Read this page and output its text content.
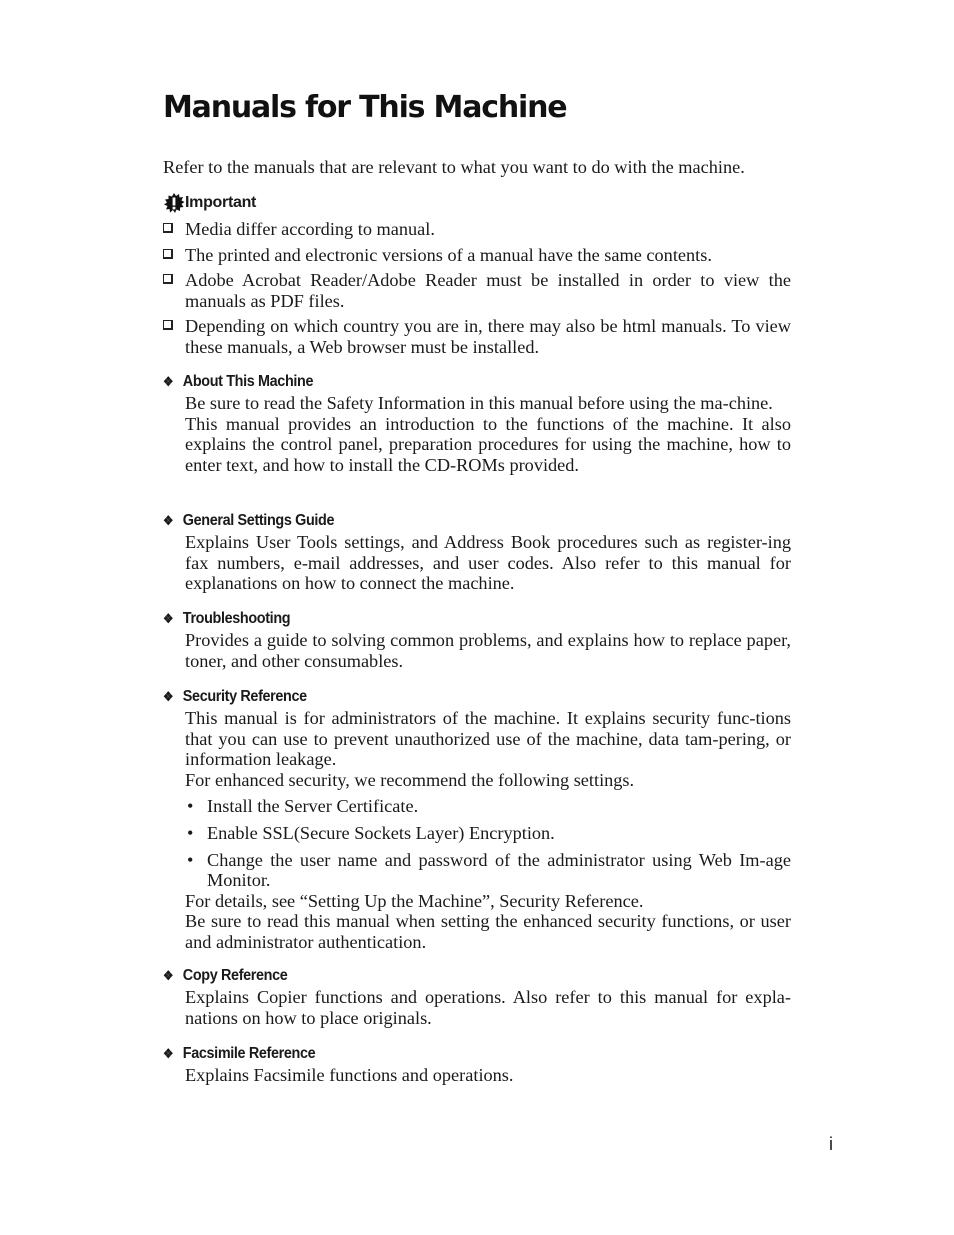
Manuals for This Machine
Refer to the manuals that are relevant to what you want to do with the machine.
Important
Media differ according to manual.
The printed and electronic versions of a manual have the same contents.
Adobe Acrobat Reader/Adobe Reader must be installed in order to view the manuals as PDF files.
Depending on which country you are in, there may also be html manuals. To view these manuals, a Web browser must be installed.
❖ About This Machine

Be sure to read the Safety Information in this manual before using the ma-chine.

This manual provides an introduction to the functions of the machine. It also explains the control panel, preparation procedures for using the machine, how to enter text, and how to install the CD-ROMs provided.

❖ General Settings Guide

Explains User Tools settings, and Address Book procedures such as register-ing fax numbers, e-mail addresses, and user codes. Also refer to this manual for explanations on how to connect the machine.

❖ Troubleshooting

Provides a guide to solving common problems, and explains how to replace paper, toner, and other consumables.

❖ Security Reference

This manual is for administrators of the machine. It explains security func-tions that you can use to prevent unauthorized use of the machine, data tam-pering, or information leakage.

For enhanced security, we recommend the following settings.

• Install the Server Certificate.
• Enable SSL(Secure Sockets Layer) Encryption.
• Change the user name and password of the administrator using Web Im-age Monitor.

For details, see “Setting Up the Machine”, Security Reference.

Be sure to read this manual when setting the enhanced security functions, or user and administrator authentication.

❖ Copy Reference

Explains Copier functions and operations. Also refer to this manual for expla-nations on how to place originals.

❖ Facsimile Reference

Explains Facsimile functions and operations.

i
